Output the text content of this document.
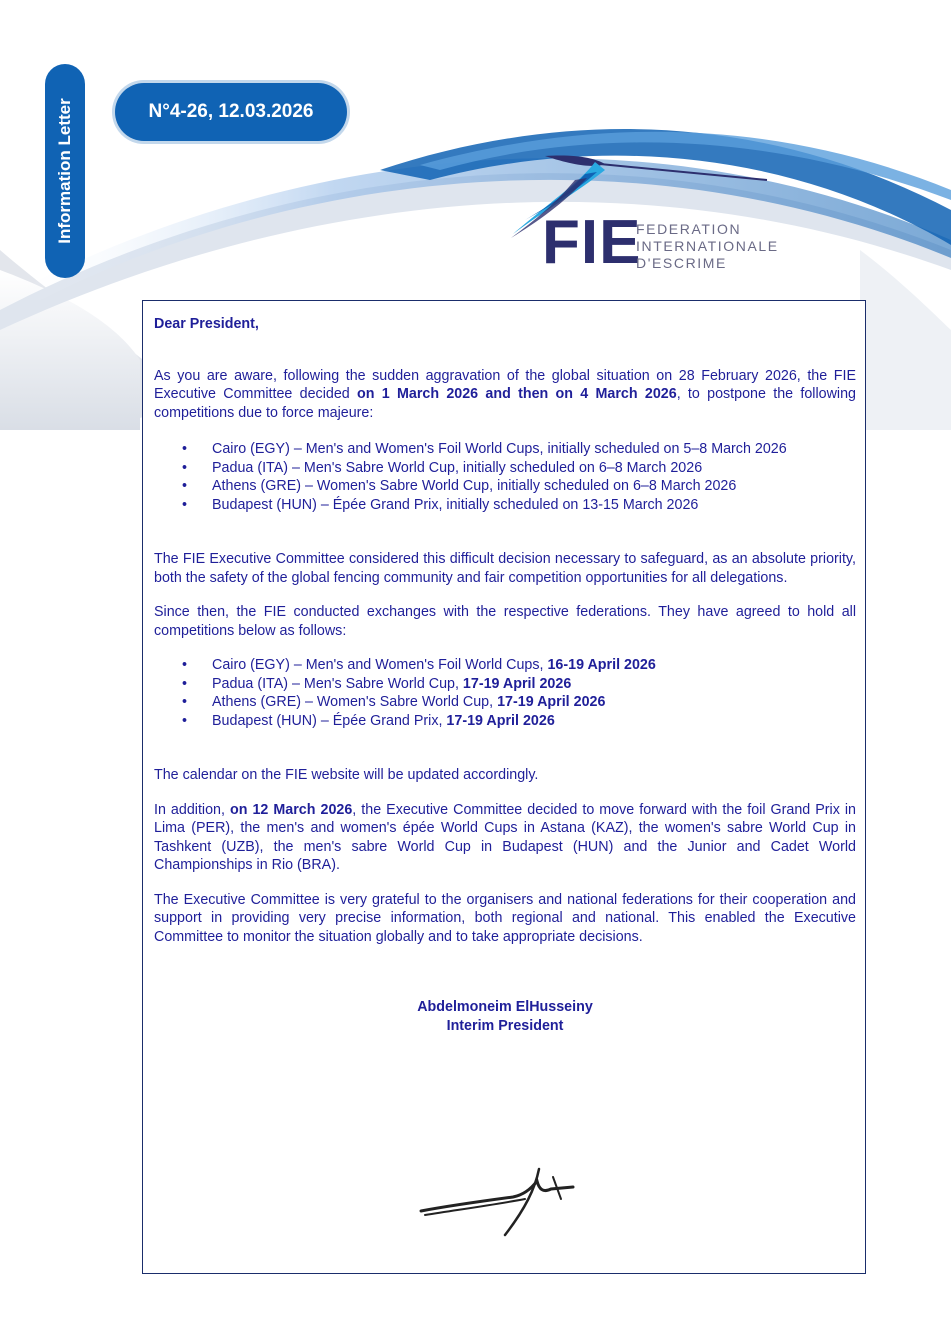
Information Letter	N°4-26, 12.03.2026
FIE
FEDERATION
INTERNATIONALE
D'ESCRIME

Dear President,

As you are aware, following the sudden aggravation of the global situation on 28 February 2026, the FIE Executive Committee decided on 1 March 2026 and then on 4 March 2026, to postpone the following competitions due to force majeure:

• Cairo (EGY) – Men's and Women's Foil World Cups, initially scheduled on 5–8 March 2026
• Padua (ITA) – Men's Sabre World Cup, initially scheduled on 6–8 March 2026
• Athens (GRE) – Women's Sabre World Cup, initially scheduled on 6–8 March 2026
• Budapest (HUN) – Épée Grand Prix, initially scheduled on 13-15 March 2026

The FIE Executive Committee considered this difficult decision necessary to safeguard, as an absolute priority, both the safety of the global fencing community and fair competition opportunities for all delegations.

Since then, the FIE conducted exchanges with the respective federations. They have agreed to hold all competitions below as follows:

• Cairo (EGY) – Men's and Women's Foil World Cups, 16-19 April 2026
• Padua (ITA) – Men's Sabre World Cup, 17-19 April 2026
• Athens (GRE) – Women's Sabre World Cup, 17-19 April 2026
• Budapest (HUN) – Épée Grand Prix, 17-19 April 2026

The calendar on the FIE website will be updated accordingly.

In addition, on 12 March 2026, the Executive Committee decided to move forward with the foil Grand Prix in Lima (PER), the men's and women's épée World Cups in Astana (KAZ), the women's sabre World Cup in Tashkent (UZB), the men's sabre World Cup in Budapest (HUN) and the Junior and Cadet World Championships in Rio (BRA).

The Executive Committee is very grateful to the organisers and national federations for their cooperation and support in providing very precise information, both regional and national. This enabled the Executive Committee to monitor the situation globally and to take appropriate decisions.

Abdelmoneim ElHusseiny
Interim President
